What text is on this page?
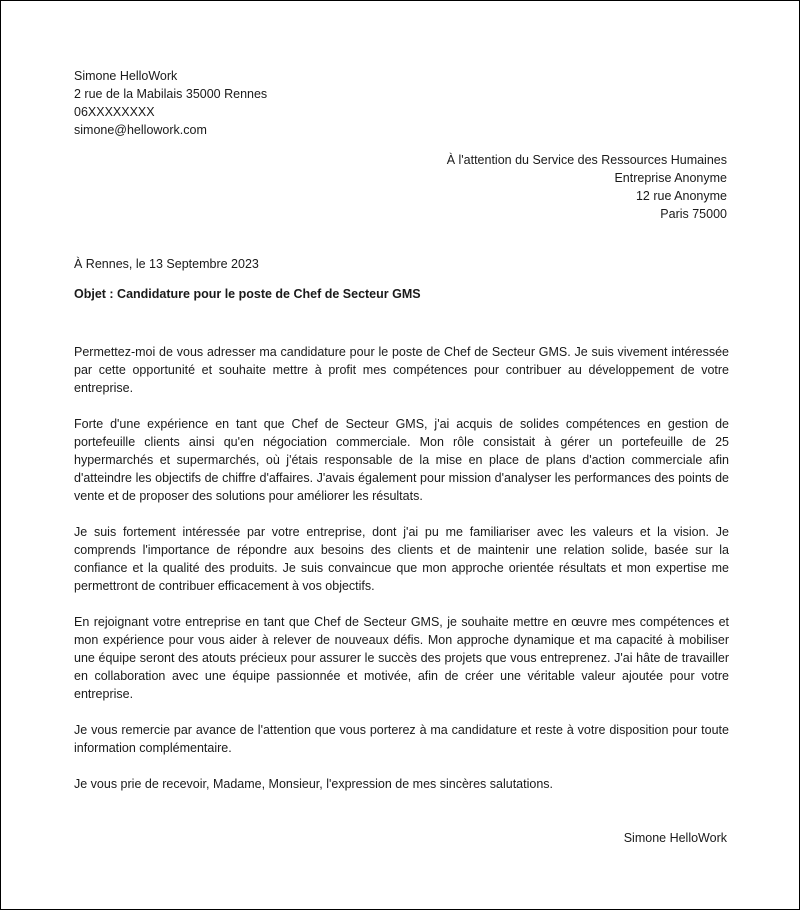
Simone HelloWork
2 rue de la Mabilais 35000 Rennes
06XXXXXXXX
simone@hellowork.com
À l'attention du Service des Ressources Humaines
Entreprise Anonyme
12 rue Anonyme
Paris 75000
À Rennes, le 13 Septembre 2023
Objet : Candidature pour le poste de Chef de Secteur GMS

Permettez-moi de vous adresser ma candidature pour le poste de Chef de Secteur GMS. Je suis vivement intéressée par cette opportunité et souhaite mettre à profit mes compétences pour contribuer au développement de votre entreprise.

Forte d'une expérience en tant que Chef de Secteur GMS, j'ai acquis de solides compétences en gestion de portefeuille clients ainsi qu'en négociation commerciale. Mon rôle consistait à gérer un portefeuille de 25 hypermarchés et supermarchés, où j'étais responsable de la mise en place de plans d'action commerciale afin d'atteindre les objectifs de chiffre d'affaires. J'avais également pour mission d'analyser les performances des points de vente et de proposer des solutions pour améliorer les résultats.

Je suis fortement intéressée par votre entreprise, dont j'ai pu me familiariser avec les valeurs et la vision. Je comprends l'importance de répondre aux besoins des clients et de maintenir une relation solide, basée sur la confiance et la qualité des produits. Je suis convaincue que mon approche orientée résultats et mon expertise me permettront de contribuer efficacement à vos objectifs.

En rejoignant votre entreprise en tant que Chef de Secteur GMS, je souhaite mettre en œuvre mes compétences et mon expérience pour vous aider à relever de nouveaux défis. Mon approche dynamique et ma capacité à mobiliser une équipe seront des atouts précieux pour assurer le succès des projets que vous entreprenez. J'ai hâte de travailler en collaboration avec une équipe passionnée et motivée, afin de créer une véritable valeur ajoutée pour votre entreprise.

Je vous remercie par avance de l'attention que vous porterez à ma candidature et reste à votre disposition pour toute information complémentaire.

Je vous prie de recevoir, Madame, Monsieur, l'expression de mes sincères salutations.

Simone HelloWork
